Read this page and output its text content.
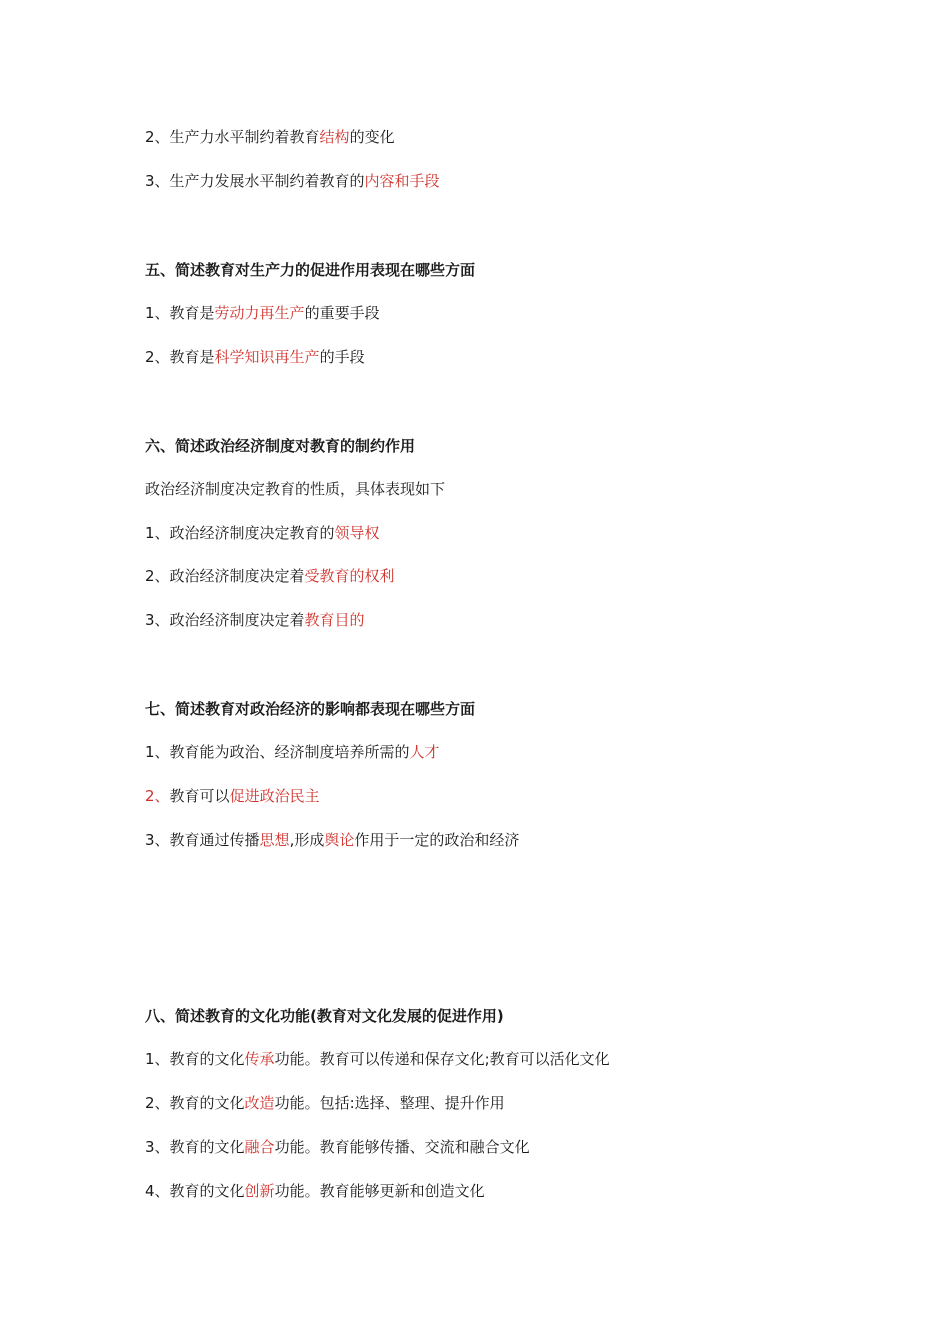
2、生产力水平制约着教育结构的变化
3、生产力发展水平制约着教育的内容和手段
五、简述教育对生产力的促进作用表现在哪些方面
1、教育是劳动力再生产的重要手段
2、教育是科学知识再生产的手段
六、简述政治经济制度对教育的制约作用
政治经济制度决定教育的性质，具体表现如下
1、政治经济制度决定教育的领导权
2、政治经济制度决定着受教育的权利
3、政治经济制度决定着教育目的
七、简述教育对政治经济的影响都表现在哪些方面
1、教育能为政治、经济制度培养所需的人才
2、教育可以促进政治民主
3、教育通过传播思想,形成舆论作用于一定的政治和经济
八、简述教育的文化功能(教育对文化发展的促进作用)
1、教育的文化传承功能。教育可以传递和保存文化;教育可以活化文化
2、教育的文化改造功能。包括:选择、整理、提升作用
3、教育的文化融合功能。教育能够传播、交流和融合文化
4、教育的文化创新功能。教育能够更新和创造文化
